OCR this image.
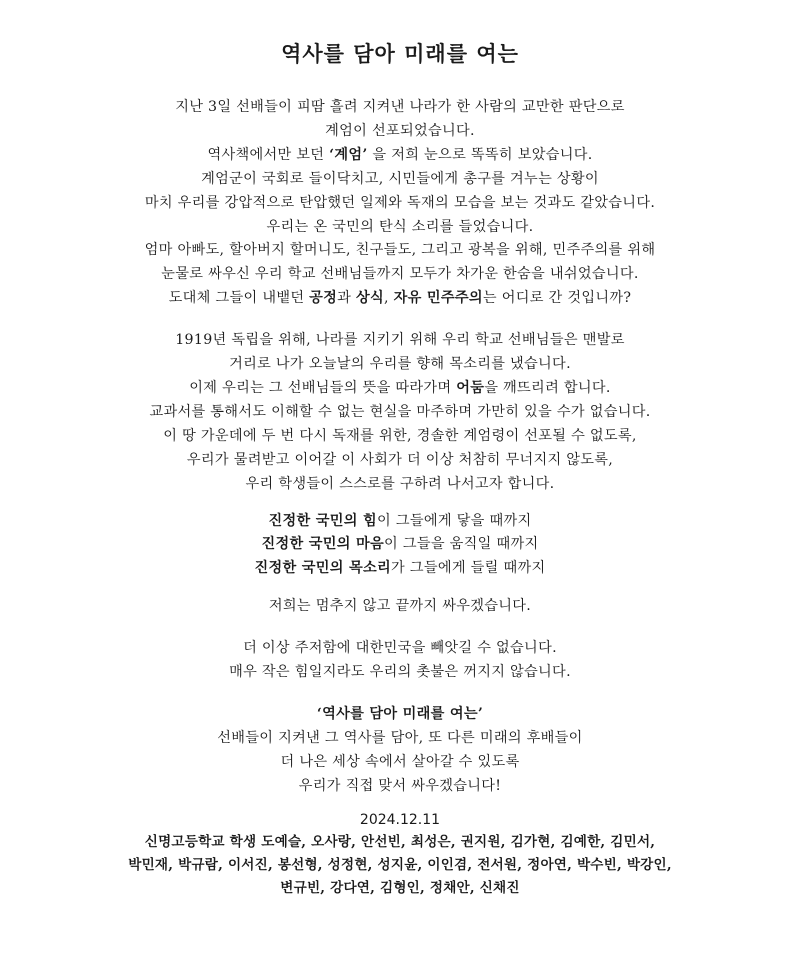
역사를 담아 미래를 여는
지난 3일 선배들이 피땀 흘려 지켜낸 나라가 한 사람의 교만한 판단으로
계엄이 선포되었습니다.
역사책에서만 보던 ‘계엄’ 을 저희 눈으로 똑똑히 보았습니다.
계엄군이 국회로 들이닥치고, 시민들에게 총구를 겨누는 상황이
마치 우리를 강압적으로 탄압했던 일제와 독재의 모습을 보는 것과도 같았습니다.
우리는 온 국민의 탄식 소리를 들었습니다.
엄마 아빠도, 할아버지 할머니도, 친구들도, 그리고 광복을 위해, 민주주의를 위해
눈물로 싸우신 우리 학교 선배님들까지 모두가 차가운 한숨을 내쉬었습니다.
도대체 그들이 내뱉던 공정과 상식, 자유 민주주의는 어디로 간 것입니까?
1919년 독립을 위해, 나라를 지키기 위해 우리 학교 선배님들은 맨발로
거리로 나가 오늘날의 우리를 향해 목소리를 냈습니다.
이제 우리는 그 선배님들의 뜻을 따라가며 어둠을 깨뜨리려 합니다.
교과서를 통해서도 이해할 수 없는 현실을 마주하며 가만히 있을 수가 없습니다.
이 땅 가운데에 두 번 다시 독재를 위한, 경솔한 계엄령이 선포될 수 없도록,
우리가 물려받고 이어갈 이 사회가 더 이상 처참히 무너지지 않도록,
우리 학생들이 스스로를 구하려 나서고자 합니다.
진정한 국민의 힘이 그들에게 닿을 때까지
진정한 국민의 마음이 그들을 움직일 때까지
진정한 국민의 목소리가 그들에게 들릴 때까지
저희는 멈추지 않고 끝까지 싸우겠습니다.
더 이상 주저함에 대한민국을 빼앗길 수 없습니다.
매우 작은 힘일지라도 우리의 촛불은 꺼지지 않습니다.
‘역사를 담아 미래를 여는’
선배들이 지켜낸 그 역사를 담아, 또 다른 미래의 후배들이
더 나은 세상 속에서 살아갈 수 있도록
우리가 직접 맞서 싸우겠습니다!
2024.12.11
신명고등학교 학생 도예슬, 오사랑, 안선빈, 최성은, 권지원, 김가현, 김예한, 김민서,
박민재, 박규람, 이서진, 봉선형, 성정현, 성지윤, 이인겸, 전서원, 정아연, 박수빈, 박강인,
변규빈, 강다연, 김형인, 정채안, 신채진
